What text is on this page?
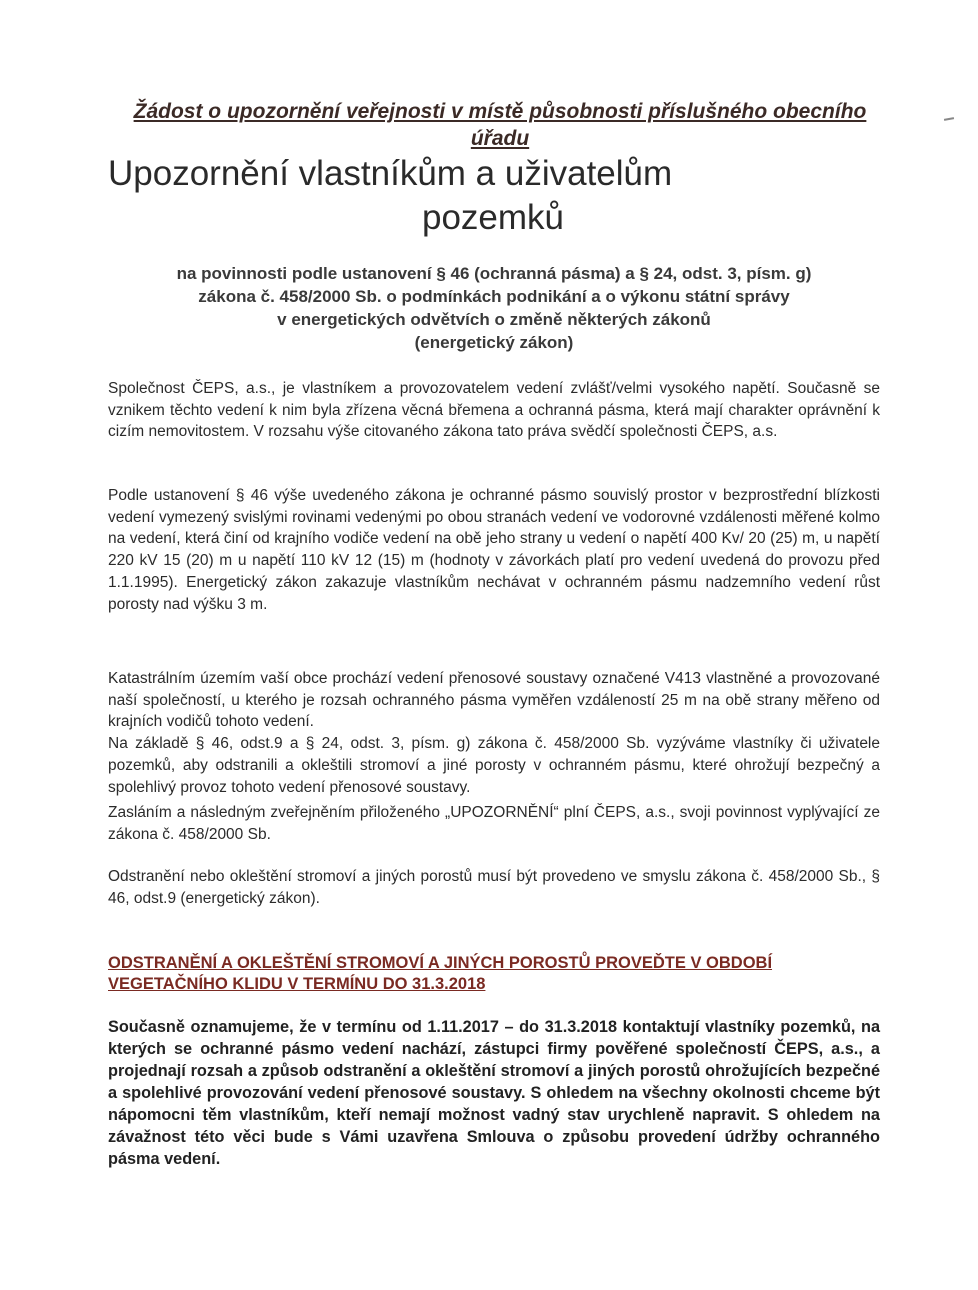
Žádost o upozornění veřejnosti v místě působnosti příslušného obecního úřadu
Upozornění vlastníkům a uživatelům
pozemků
na povinnosti podle ustanovení § 46 (ochranná pásma) a § 24, odst. 3, písm. g)
zákona č. 458/2000 Sb. o podmínkách podnikání a o výkonu státní správy
v energetických odvětvích o změně některých zákonů
(energetický zákon)

Společnost ČEPS, a.s., je vlastníkem a provozovatelem vedení zvlášť/velmi vysokého napětí. Současně se vznikem těchto vedení k nim byla zřízena věcná břemena a ochranná pásma, která mají charakter oprávnění k cizím nemovitostem. V rozsahu výše citovaného zákona tato práva svědčí společnosti ČEPS, a.s.

Podle ustanovení § 46 výše uvedeného zákona je ochranné pásmo souvislý prostor v bezprostřední blízkosti vedení vymezený svislými rovinami vedenými po obou stranách vedení ve vodorovné vzdálenosti měřené kolmo na vedení, která činí od krajního vodiče vedení na obě jeho strany u vedení o napětí 400 Kv/ 20 (25) m, u napětí 220 kV 15 (20) m u napětí 110 kV 12 (15) m (hodnoty v závorkách platí pro vedení uvedená do provozu před 1.1.1995). Energetický zákon zakazuje vlastníkům nechávat v ochranném pásmu nadzemního vedení růst porosty nad výšku 3 m.

Katastrálním územím vaší obce prochází vedení přenosové soustavy označené V413 vlastněné a provozované naší společností, u kterého je rozsah ochranného pásma vyměřen vzdáleností 25 m na obě strany měřeno od krajních vodičů tohoto vedení.
Na základě § 46, odst.9 a § 24, odst. 3, písm. g) zákona č. 458/2000 Sb. vyzýváme vlastníky či uživatele pozemků, aby odstranili a okleštili stromoví a jiné porosty v ochranném pásmu, které ohrožují bezpečný a spolehlivý provoz tohoto vedení přenosové soustavy.

Zasláním a následným zveřejněním přiloženého „UPOZORNĚNÍ“ plní ČEPS, a.s., svoji povinnost vyplývající ze zákona č. 458/2000 Sb.

Odstranění nebo okleštění stromoví a jiných porostů musí být provedeno ve smyslu zákona č. 458/2000 Sb., § 46, odst.9 (energetický zákon).

ODSTRANĚNÍ A OKLEŠTĚNÍ STROMOVÍ A JINÝCH POROSTŮ PROVEĎTE V OBDOBÍ VEGETAČNÍHO KLIDU V TERMÍNU DO 31.3.2018

Současně oznamujeme, že v termínu od 1.11.2017 – do 31.3.2018 kontaktují vlastníky pozemků, na kterých se ochranné pásmo vedení nachází, zástupci firmy pověřené společností ČEPS, a.s., a projednají rozsah a způsob odstranění a okleštění stromoví a jiných porostů ohrožujících bezpečné a spolehlivé provozování vedení přenosové soustavy. S ohledem na všechny okolnosti chceme být nápomocni těm vlastníkům, kteří nemají možnost vadný stav urychleně napravit. S ohledem na závažnost této věci bude s Vámi uzavřena Smlouva o způsobu provedení údržby ochranného pásma vedení.
